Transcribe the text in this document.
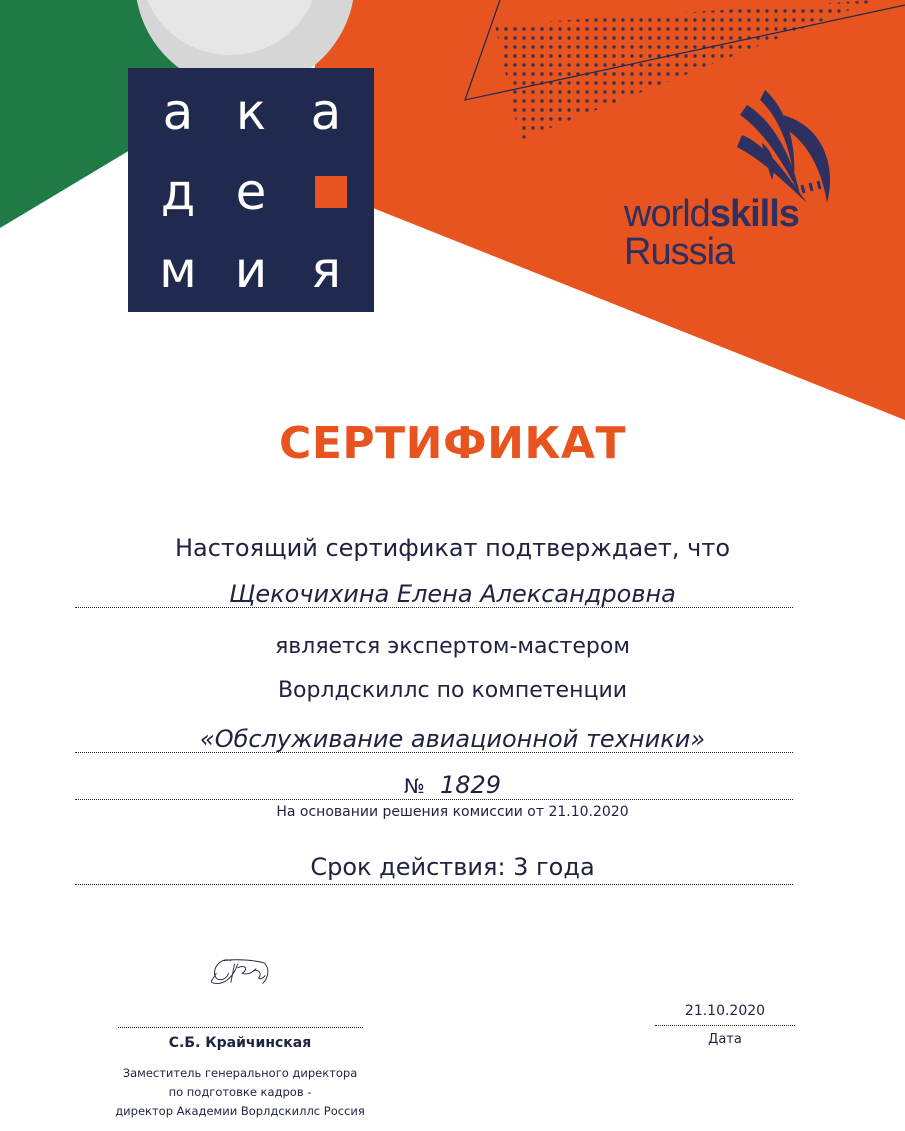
а к а
д е
м и я
worldskills
Russia
СЕРТИФИКАТ
Настоящий сертификат подтверждает, что
Щекочихина Елена Александровна
является экспертом-мастером
Ворлдскиллс по компетенции
«Обслуживание авиационной техники»
№ 1829
На основании решения комиссии от 21.10.2020
Срок действия: 3 года
С.Б. Крайчинская
Заместитель генерального директора
по подготовке кадров -
директор Академии Ворлдскиллс Россия
21.10.2020
Дата
